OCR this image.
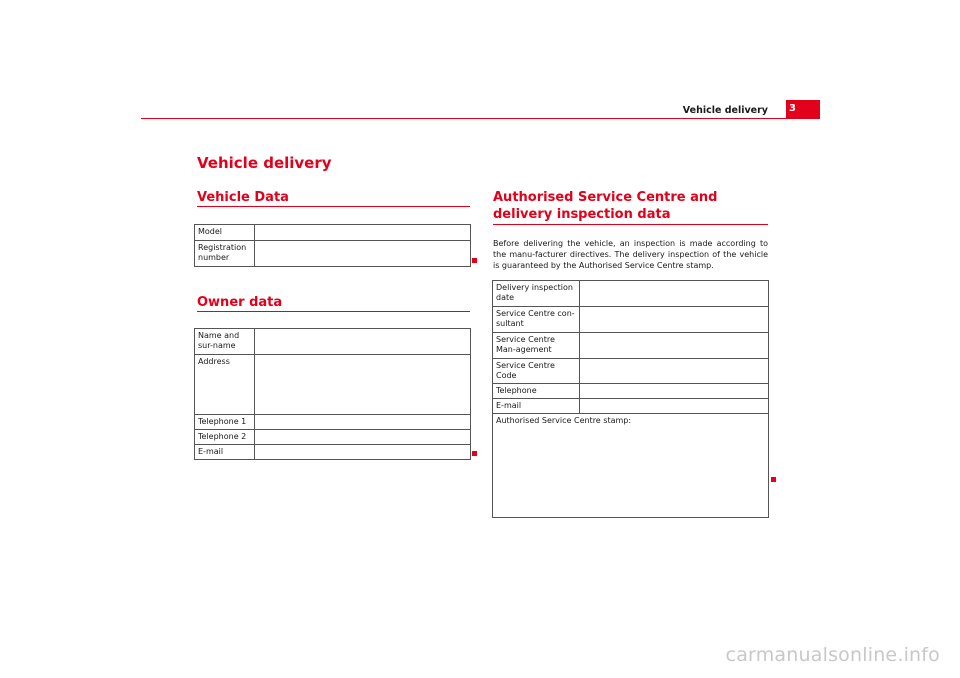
Vehicle delivery	3
Vehicle delivery
Vehicle Data
Model	
Registration number	
Owner data
Name and sur-name	
Address	
Telephone 1	
Telephone 2	
E-mail	
Authorised Service Centre and delivery inspection data
Before delivering the vehicle, an inspection is made according to the manu-facturer directives. The delivery inspection of the vehicle is guaranteed by the Authorised Service Centre stamp.
Delivery inspection date	
Service Centre con-sultant	
Service Centre Man-agement	
Service Centre Code	
Telephone	
E-mail	
Authorised Service Centre stamp:	
carmanualsonline.info
